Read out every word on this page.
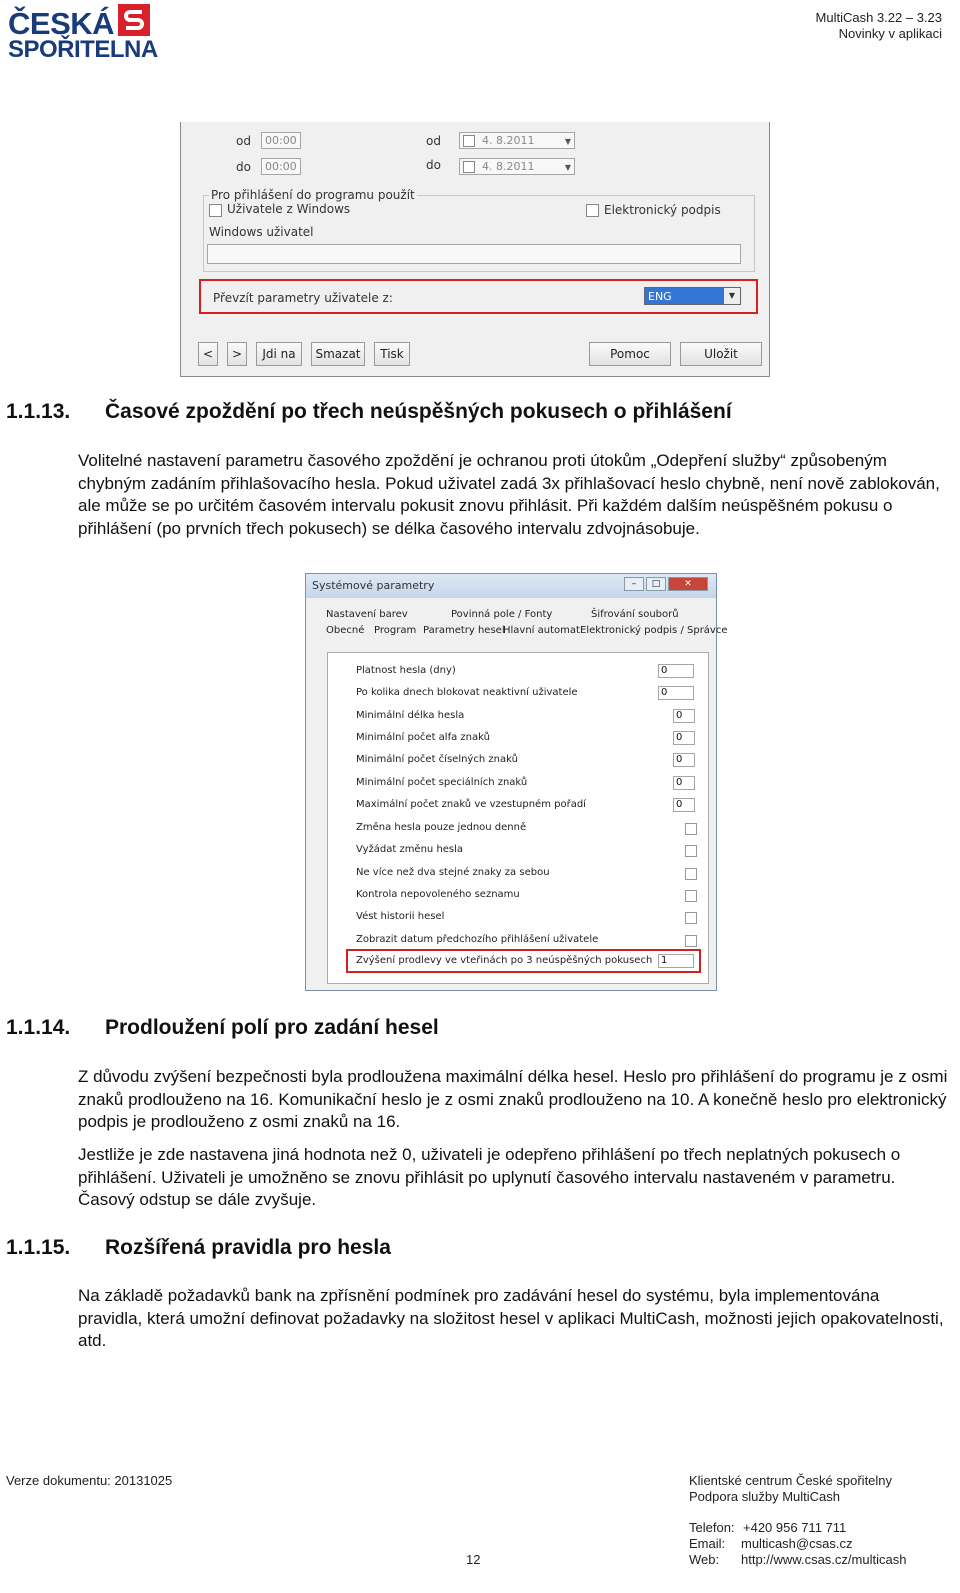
ČESKÁ
SPOŘITELNA
MultiCash 3.22 – 3.23
Novinky v aplikaci
od	00:00
do	00:00
od	4. 8.2011	▼
do	4. 8.2011	▼
Pro přihlášení do programu použít
Uživatele z Windows	Elektronický podpis
Windows uživatel
Převzít parametry uživatele z:	ENG	▼
<	>	Jdi na	Smazat	Tisk	Pomoc	Uložit
1.1.13. Časové zpoždění po třech neúspěšných pokusech o přihlášení
Volitelné nastavení parametru časového zpoždění je ochranou proti útokům „Odepření služby“ způsobeným chybným zadáním přihlašovacího hesla. Pokud uživatel zadá 3x přihlašovací heslo chybně, není nově zablokován, ale může se po určitém časovém intervalu pokusit znovu přihlásit. Při každém dalším neúspěšném pokusu o přihlášení (po prvních třech pokusech) se délka časového intervalu zdvojnásobuje.
Systémové parametry	–	□	✕
Nastavení barev	Povinná pole / Fonty	Šifrování souborů
Obecné Program Parametry hesel
Hlavní automat Elektronický podpis / Správce
Platnost hesla (dny)	0
Po kolika dnech blokovat neaktivní uživatele	0
Minimální délka hesla	0
Minimální počet alfa znaků	0
Minimální počet číselných znaků	0
Minimální počet speciálních znaků	0
Maximální počet znaků ve vzestupném pořadí	0
Změna hesla pouze jednou denně
Vyžádat změnu hesla
Ne více než dva stejné znaky za sebou
Kontrola nepovoleného seznamu
Vést historii hesel
Zobrazit datum předchozího přihlášení uživatele
Zvýšení prodlevy ve vteřinách po 3 neúspěšných pokusech 1
1.1.14. Prodloužení polí pro zadání hesel
Z důvodu zvýšení bezpečnosti byla prodloužena maximální délka hesel. Heslo pro přihlášení do programu je z osmi znaků prodlouženo na 16. Komunikační heslo je z osmi znaků prodlouženo na 10. A konečně heslo pro elektronický podpis je prodlouženo z osmi znaků na 16.
Jestliže je zde nastavena jiná hodnota než 0, uživateli je odepřeno přihlášení po třech neplatných pokusech o přihlášení. Uživateli je umožněno se znovu přihlásit po uplynutí časového intervalu nastaveném v parametru. Časový odstup se dále zvyšuje.
1.1.15. Rozšířená pravidla pro hesla
Na základě požadavků bank na zpřísnění podmínek pro zadávání hesel do systému, byla implementována pravidla, která umožní definovat požadavky na složitost hesel v aplikaci MultiCash, možnosti jejich opakovatelnosti, atd.
Verze dokumentu: 20131025	Klientské centrum České spořitelny
Podpora služby MultiCash
Telefon: +420 956 711 711
Email: multicash@csas.cz
Web: http://www.csas.cz/multicash
12
